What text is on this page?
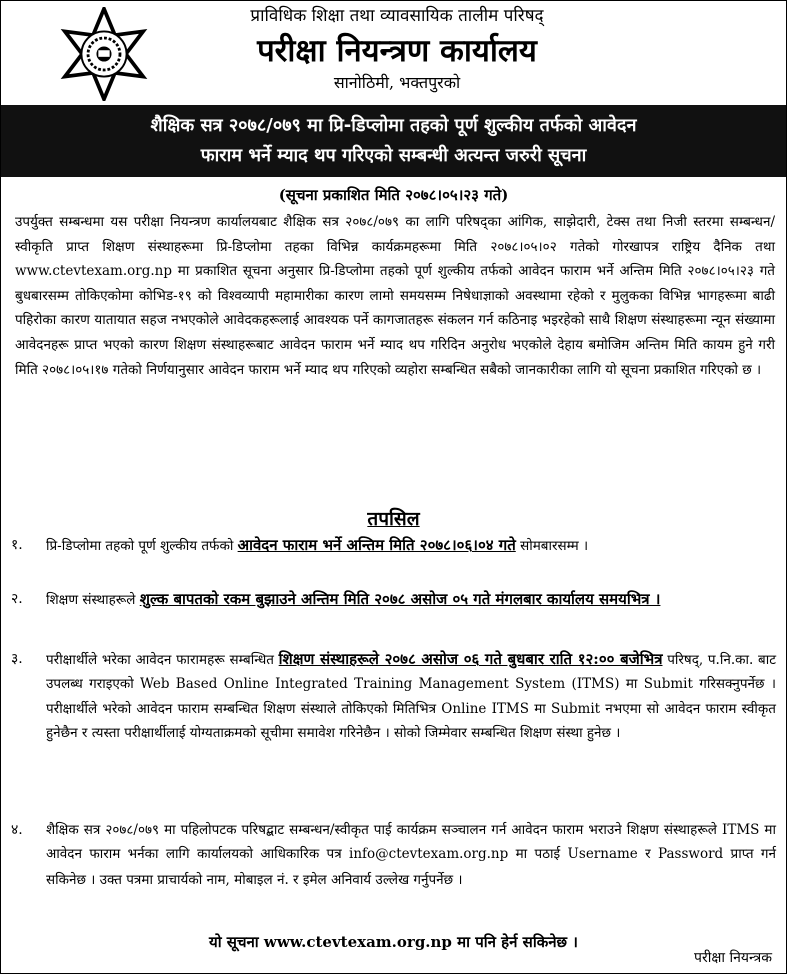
प्राविधिक शिक्षा तथा व्यावसायिक तालीम परिषद्
परीक्षा नियन्त्रण कार्यालय
सानोठिमी, भक्तपुरको
शैक्षिक सत्र २०७८/०७९ मा प्रि-डिप्लोमा तहको पूर्ण शुल्कीय तर्फको आवेदन
फाराम भर्ने म्याद थप गरिएको सम्बन्धी अत्यन्त जरुरी सूचना
(सूचना प्रकाशित मिति २०७८।०५।२३ गते)

उपर्युक्त सम्बन्धमा यस परीक्षा नियन्त्रण कार्यालयबाट शैक्षिक सत्र २०७८/०७९ का लागि परिषद्का आंगिक, साझेदारी, टेक्स तथा निजी स्तरमा सम्बन्धन/स्वीकृति प्राप्त शिक्षण संस्थाहरूमा प्रि-डिप्लोमा तहका विभिन्न कार्यक्रमहरूमा मिति २०७८।०५।०२ गतेको गोरखापत्र राष्ट्रिय दैनिक तथा www.ctevtexam.org.np मा प्रकाशित सूचना अनुसार प्रि-डिप्लोमा तहको पूर्ण शुल्कीय तर्फको आवेदन फाराम भर्ने अन्तिम मिति २०७८।०५।२३ गते बुधबारसम्म तोकिएकोमा कोभिड-१९ को विश्वव्यापी महामारीका कारण लामो समयसम्म निषेधाज्ञाको अवस्थामा रहेको र मुलुकका विभिन्न भागहरूमा बाढी पहिरोका कारण यातायात सहज नभएकोले आवेदकहरूलाई आवश्यक पर्ने कागजातहरू संकलन गर्न कठिनाइ भइरहेको साथै शिक्षण संस्थाहरूमा न्यून संख्यामा आवेदनहरू प्राप्त भएको कारण शिक्षण संस्थाहरूबाट आवेदन फाराम भर्ने म्याद थप गरिदिन अनुरोध भएकोले देहाय बमोजिम अन्तिम मिति कायम हुने गरी मिति २०७८।०५।१७ गतेको निर्णयानुसार आवेदन फाराम भर्ने म्याद थप गरिएको व्यहोरा सम्बन्धित सबैको जानकारीका लागि यो सूचना प्रकाशित गरिएको छ ।

तपसिल
१. प्रि-डिप्लोमा तहको पूर्ण शुल्कीय तर्फको आवेदन फाराम भर्ने अन्तिम मिति २०७८।०६।०४ गते सोमबारसम्म ।

२. शिक्षण संस्थाहरूले शुल्क बापतको रकम बुझाउने अन्तिम मिति २०७८ असोज ०५ गते मंगलबार कार्यालय समयभित्र ।

३. परीक्षार्थीले भरेका आवेदन फारामहरू सम्बन्धित शिक्षण संस्थाहरूले २०७८ असोज ०६ गते बुधबार राति १२:०० बजेभित्र परिषद्, प.नि.का. बाट उपलब्ध गराइएको Web Based Online Integrated Training Management System (ITMS) मा Submit गरिसक्नुपर्नेछ । परीक्षार्थीले भरेको आवेदन फाराम सम्बन्धित शिक्षण संस्थाले तोकिएको मितिभित्र Online ITMS मा Submit नभएमा सो आवेदन फाराम स्वीकृत हुनेछैन र त्यस्ता परीक्षार्थीलाई योग्यताक्रमको सूचीमा समावेश गरिनेछैन । सोको जिम्मेवार सम्बन्धित शिक्षण संस्था हुनेछ ।

४. शैक्षिक सत्र २०७८/०७९ मा पहिलोपटक परिषद्बाट सम्बन्धन/स्वीकृत पाई कार्यक्रम सञ्चालन गर्न आवेदन फाराम भराउने शिक्षण संस्थाहरूले ITMS मा आवेदन फाराम भर्नका लागि कार्यालयको आधिकारिक पत्र info@ctevtexam.org.np मा पठाई Username र Password प्राप्त गर्न सकिनेछ । उक्त पत्रमा प्राचार्यको नाम, मोबाइल नं. र इमेल अनिवार्य उल्लेख गर्नुपर्नेछ ।

यो सूचना www.ctevtexam.org.np मा पनि हेर्न सकिनेछ ।
परीक्षा नियन्त्रक
